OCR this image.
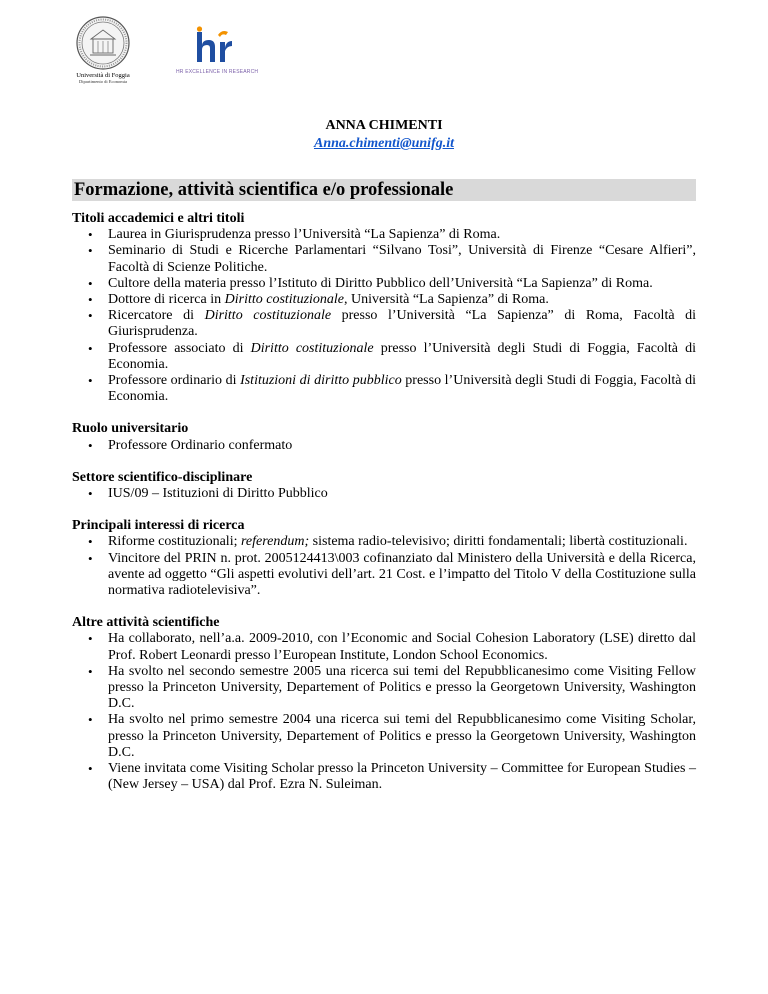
Università di Foggia
Dipartimento di Economia
HR EXCELLENCE IN RESEARCH
ANNA CHIMENTI
Anna.chimenti@unifg.it
Formazione, attività scientifica e/o professionale
Titoli accademici e altri titoli
• Laurea in Giurisprudenza presso l’Università “La Sapienza” di Roma.
• Seminario di Studi e Ricerche Parlamentari “Silvano Tosi”, Università di Firenze “Cesare Alfieri”, Facoltà di Scienze Politiche.
• Cultore della materia presso l’Istituto di Diritto Pubblico dell’Università “La Sapienza” di Roma.
• Dottore di ricerca in Diritto costituzionale, Università “La Sapienza” di Roma.
• Ricercatore di Diritto costituzionale presso l’Università “La Sapienza” di Roma, Facoltà di Giurisprudenza.
• Professore associato di Diritto costituzionale presso l’Università degli Studi di Foggia, Facoltà di Economia.
• Professore ordinario di Istituzioni di diritto pubblico presso l’Università degli Studi di Foggia, Facoltà di Economia.
Ruolo universitario
• Professore Ordinario confermato
Settore scientifico-disciplinare
• IUS/09 – Istituzioni di Diritto Pubblico
Principali interessi di ricerca
• Riforme costituzionali; referendum; sistema radio-televisivo; diritti fondamentali; libertà costituzionali.
• Vincitore del PRIN n. prot. 2005124413\003 cofinanziato dal Ministero della Università e della Ricerca, avente ad oggetto “Gli aspetti evolutivi dell’art. 21 Cost. e l’impatto del Titolo V della Costituzione sulla normativa radiotelevisiva”.
Altre attività scientifiche
• Ha collaborato, nell’a.a. 2009-2010, con l’Economic and Social Cohesion Laboratory (LSE) diretto dal Prof. Robert Leonardi presso l’European Institute, London School Economics.
• Ha svolto nel secondo semestre 2005 una ricerca sui temi del Repubblicanesimo come Visiting Fellow presso la Princeton University, Departement of Politics e presso la Georgetown University, Washington D.C.
• Ha svolto nel primo semestre 2004 una ricerca sui temi del Repubblicanesimo come Visiting Scholar, presso la Princeton University, Departement of Politics e presso la Georgetown University, Washington D.C.
• Viene invitata come Visiting Scholar presso la Princeton University – Committee for European Studies – (New Jersey – USA) dal Prof. Ezra N. Suleiman.
